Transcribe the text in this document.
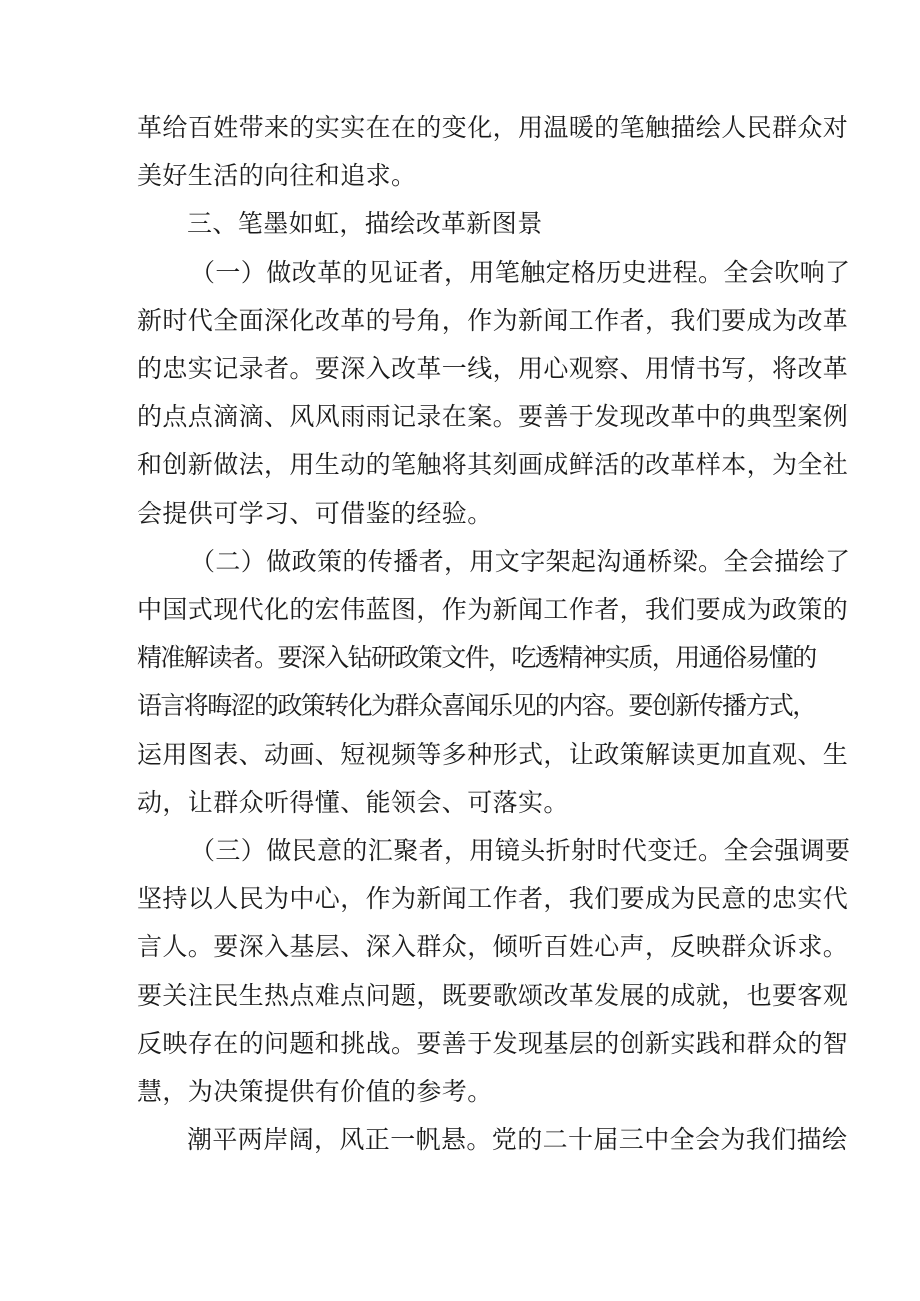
革给百姓带来的实实在在的变化，用温暖的笔触描绘人民群众对

美好生活的向往和追求。

三、笔墨如虹，描绘改革新图景

（一）做改革的见证者，用笔触定格历史进程。全会吹响了

新时代全面深化改革的号角，作为新闻工作者，我们要成为改革

的忠实记录者。要深入改革一线，用心观察、用情书写，将改革

的点点滴滴、风风雨雨记录在案。要善于发现改革中的典型案例

和创新做法，用生动的笔触将其刻画成鲜活的改革样本，为全社

会提供可学习、可借鉴的经验。

（二）做政策的传播者，用文字架起沟通桥梁。全会描绘了

中国式现代化的宏伟蓝图，作为新闻工作者，我们要成为政策的

精准解读者。要深入钻研政策文件，吃透精神实质，用通俗易懂的

语言将晦涩的政策转化为群众喜闻乐见的内容。要创新传播方式，

运用图表、动画、短视频等多种形式，让政策解读更加直观、生

动，让群众听得懂、能领会、可落实。

（三）做民意的汇聚者，用镜头折射时代变迁。全会强调要

坚持以人民为中心，作为新闻工作者，我们要成为民意的忠实代

言人。要深入基层、深入群众，倾听百姓心声，反映群众诉求。

要关注民生热点难点问题，既要歌颂改革发展的成就，也要客观

反映存在的问题和挑战。要善于发现基层的创新实践和群众的智

慧，为决策提供有价值的参考。

潮平两岸阔，风正一帆悬。党的二十届三中全会为我们描绘
